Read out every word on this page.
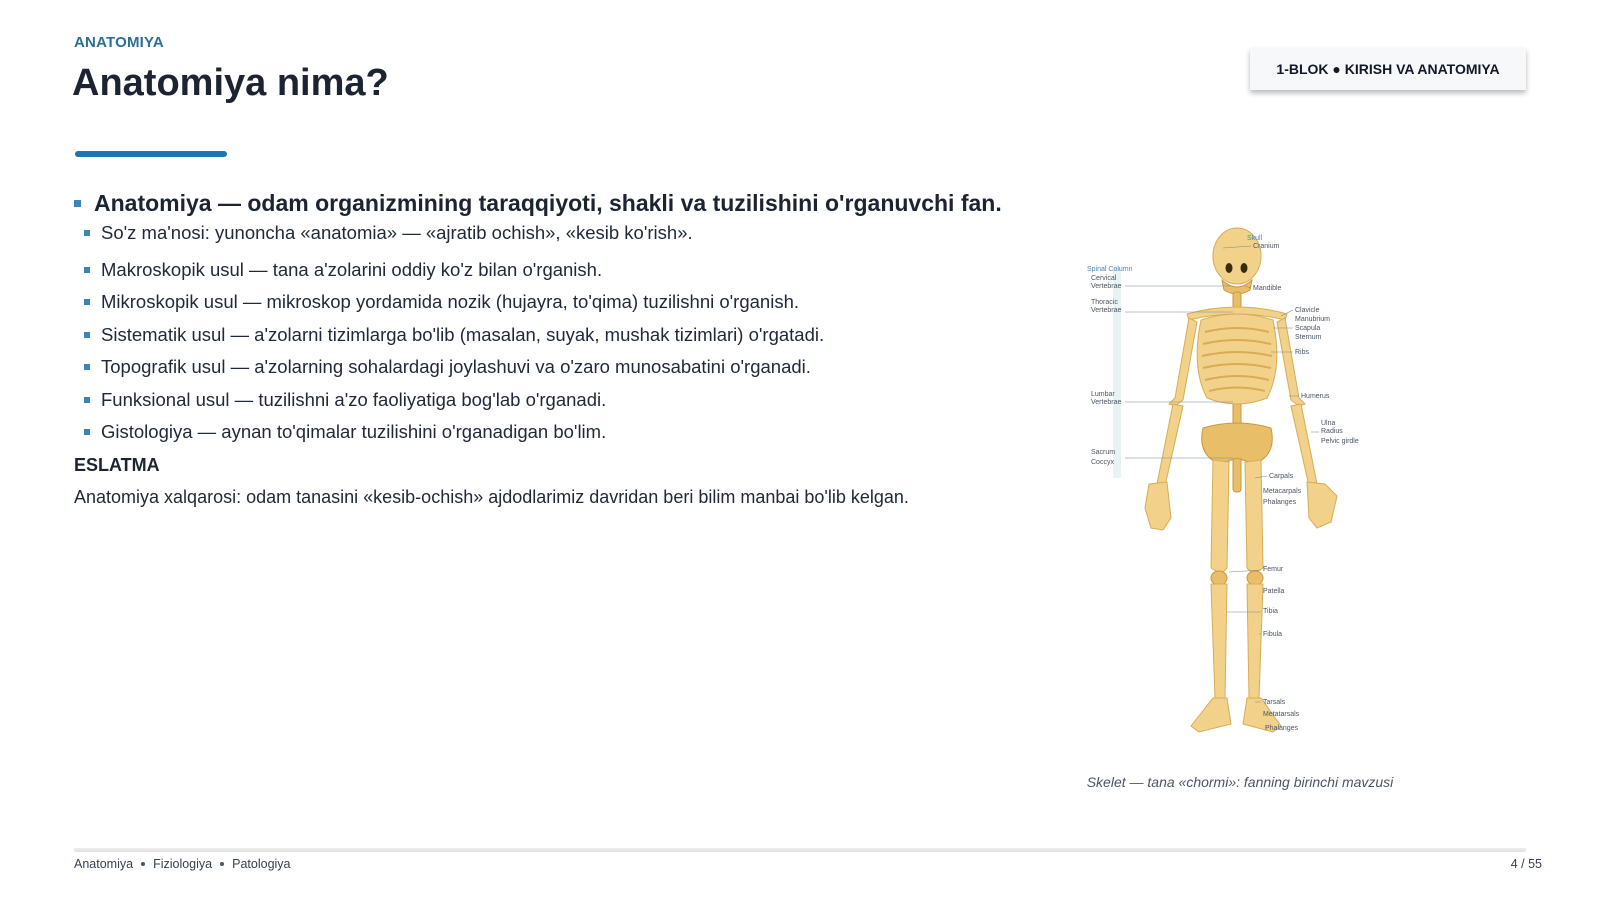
ANATOMIYA
Anatomiya nima?	1-BLOK ● KIRISH VA ANATOMIYA
Anatomiya — odam organizmining taraqqiyoti, shakli va tuzilishini o'rganuvchi fan.
So'z ma'nosi: yunoncha «anatomia» — «ajratib ochish», «kesib ko'rish».
Makroskopik usul — tana a'zolarini oddiy ko'z bilan o'rganish.
Mikroskopik usul — mikroskop yordamida nozik (hujayra, to'qima) tuzilishni o'rganish.
Sistematik usul — a'zolarni tizimlarga bo'lib (masalan, suyak, mushak tizimlari) o'rgatadi.
Topografik usul — a'zolarning sohalardagi joylashuvi va o'zaro munosabatini o'rganadi.
Funksional usul — tuzilishni a'zo faoliyatiga bog'lab o'rganadi.
Gistologiya — aynan to'qimalar tuzilishini o'rganadigan bo'lim.
ESLATMA
Anatomiya xalqarosi: odam tanasini «kesib-ochish» ajdodlarimiz davridan beri bilim manbai bo'lib kelgan.
Spinal Column
Cervical
Vertebrae
Thoracic
Vertebrae
Lumbar
Vertebrae
Sacrum
Coccyx
Skull
Cranium
Mandible
Clavicle
Manubrium
Scapula
Sternum
Ribs
Humerus
Ulna
Radius
Pelvic girdle
Carpals
Metacarpals
Phalanges
Femur
Patella
Tibia
Fibula
Tarsals
Metatarsals
Phalanges
Skelet — tana «chormi»: fanning birinchi mavzusi
Anatomiya Fiziologiya Patologiya	4 / 55
